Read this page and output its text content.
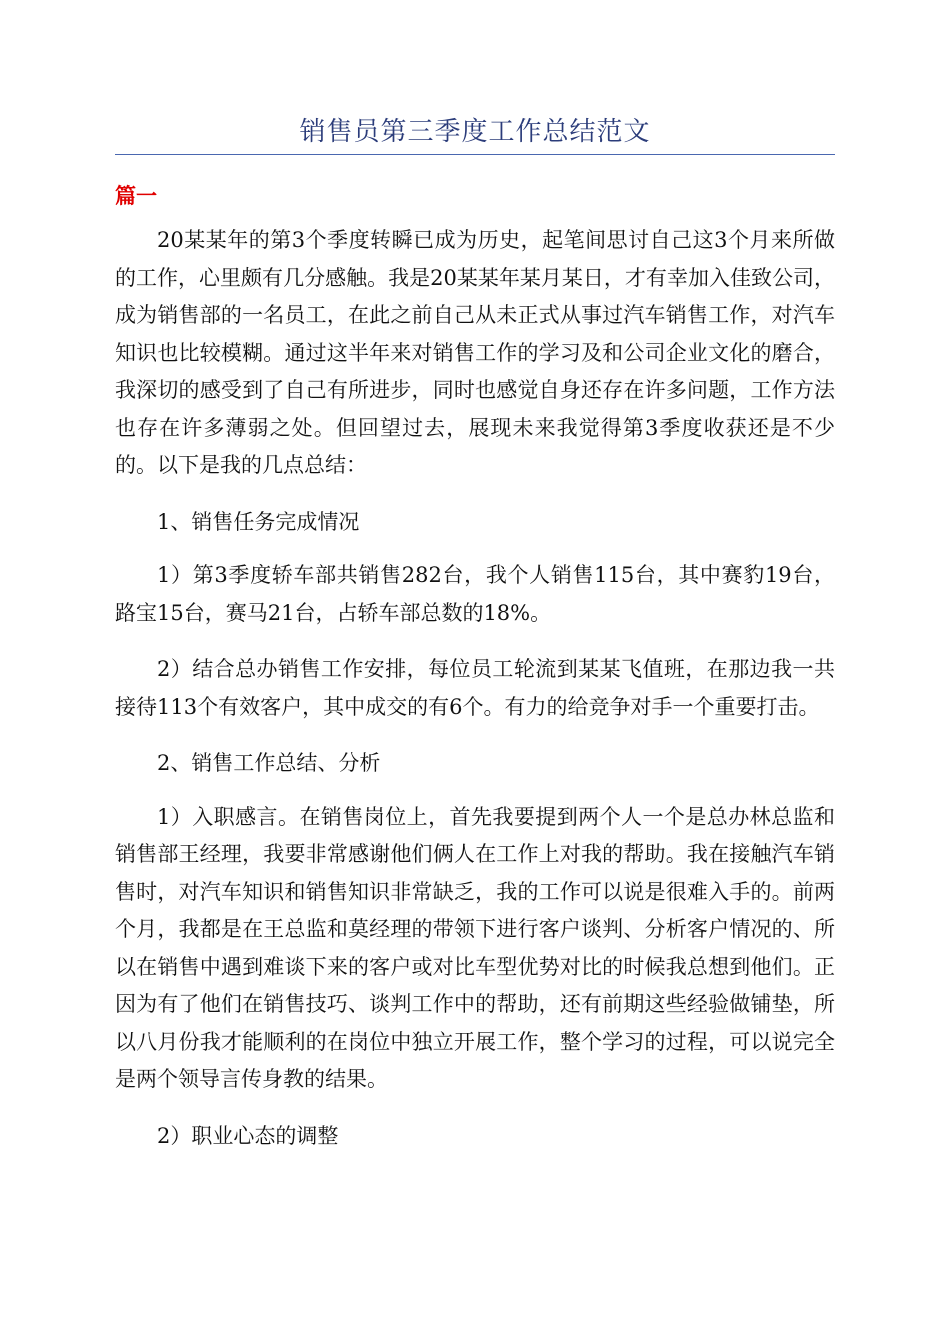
销售员第三季度工作总结范文
篇一

20某某年的第3个季度转瞬已成为历史，起笔间思讨自己这3个月来所做的工作，心里颇有几分感触。我是20某某年某月某日，才有幸加入佳致公司，成为销售部的一名员工，在此之前自己从未正式从事过汽车销售工作，对汽车知识也比较模糊。通过这半年来对销售工作的学习及和公司企业文化的磨合，我深切的感受到了自己有所进步，同时也感觉自身还存在许多问题，工作方法也存在许多薄弱之处。但回望过去，展现未来我觉得第3季度收获还是不少的。以下是我的几点总结：

1、销售任务完成情况

1）第3季度轿车部共销售282台，我个人销售115台，其中赛豹19台，路宝15台，赛马21台，占轿车部总数的18%。

2）结合总办销售工作安排，每位员工轮流到某某飞值班，在那边我一共接待113个有效客户，其中成交的有6个。有力的给竞争对手一个重要打击。

2、销售工作总结、分析

1）入职感言。在销售岗位上，首先我要提到两个人一个是总办林总监和销售部王经理，我要非常感谢他们俩人在工作上对我的帮助。我在接触汽车销售时，对汽车知识和销售知识非常缺乏，我的工作可以说是很难入手的。前两个月，我都是在王总监和莫经理的带领下进行客户谈判、分析客户情况的、所以在销售中遇到难谈下来的客户或对比车型优势对比的时候我总想到他们。正因为有了他们在销售技巧、谈判工作中的帮助，还有前期这些经验做铺垫，所以八月份我才能顺利的在岗位中独立开展工作，整个学习的过程，可以说完全是两个领导言传身教的结果。

2）职业心态的调整
